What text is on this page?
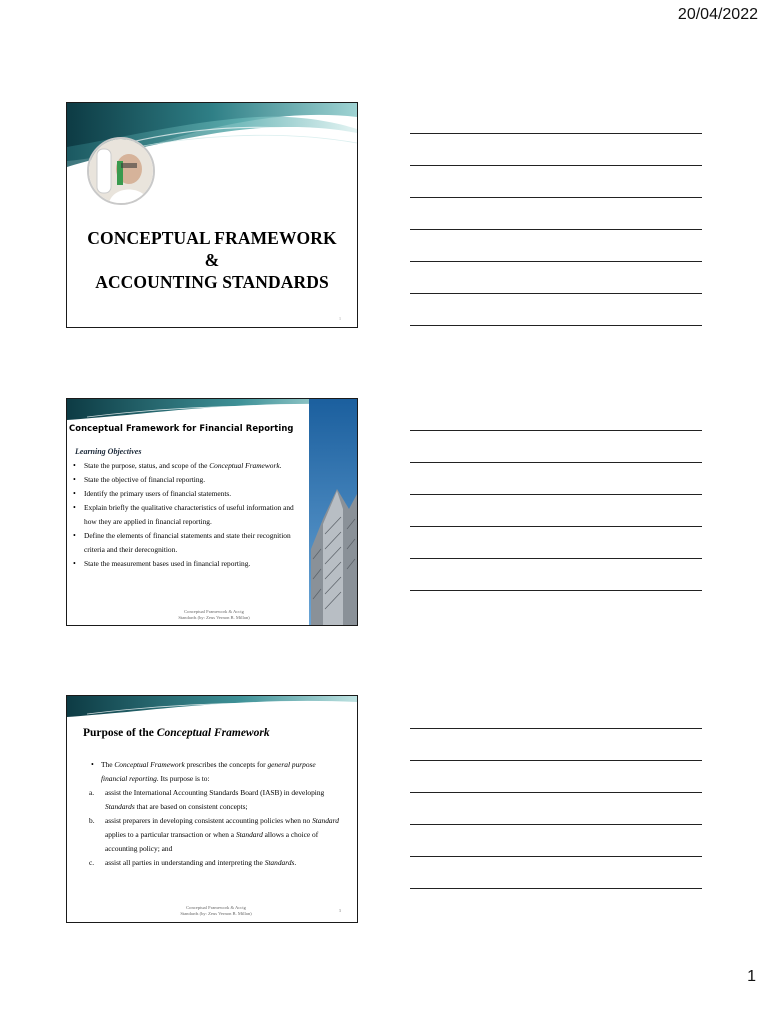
20/04/2022
CONCEPTUAL FRAMEWORK
&
ACCOUNTING STANDARDS
1
Conceptual Framework for Financial Reporting
Learning Objectives
• State the purpose, status, and scope of the Conceptual Framework.
• State the objective of financial reporting.
• Identify the primary users of financial statements.
• Explain briefly the qualitative characteristics of useful information and how they are applied in financial reporting.
• Define the elements of financial statements and state their recognition criteria and their derecognition.
• State the measurement bases used in financial reporting.
Conceptual Framework & Acctg
Standards (by: Zeus Vernon B. Millan)
Purpose of the Conceptual Framework
• The Conceptual Framework prescribes the concepts for general purpose financial reporting. Its purpose is to:
a. assist the International Accounting Standards Board (IASB) in developing Standards that are based on consistent concepts;
b. assist preparers in developing consistent accounting policies when no Standard applies to a particular transaction or when a Standard allows a choice of accounting policy; and
c. assist all parties in understanding and interpreting the Standards.
Conceptual Framework & Acctg
Standards (by: Zeus Vernon B. Millan)
3
1
